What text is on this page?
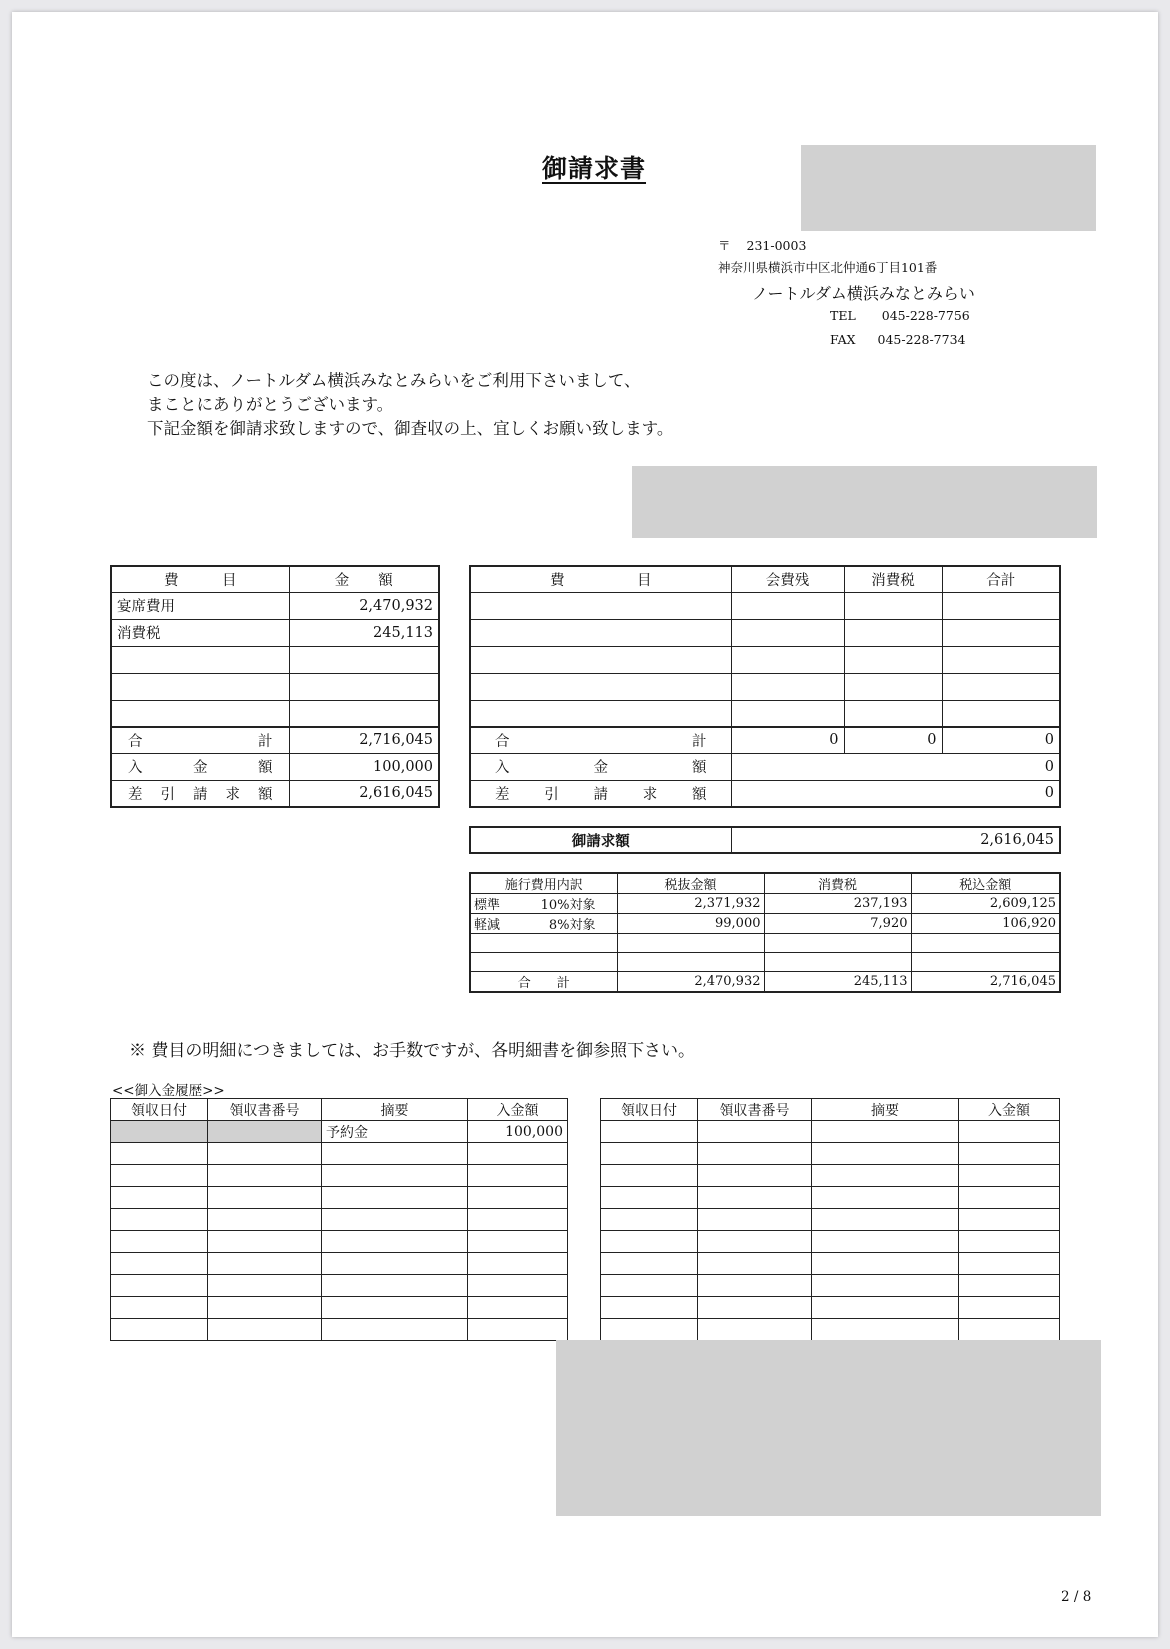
御請求書
〒 231-0003
神奈川県横浜市中区北仲通6丁目101番
ノートルダム横浜みなとみらい
TEL 045-228-7756
FAX 045-228-7734
この度は、ノートルダム横浜みなとみらいをご利用下さいまして、
まことにありがとうございます。
下記金額を御請求致しますので、御査収の上、宜しくお願い致します。
費　　　目	金　　額
宴席費用	2,470,932
消費税	245,113

合　　　　計	2,716,045
入　金　額	100,000
差引請求額	2,616,045
費　　　　　目	会費残	消費税	合計

合　　　　計	0	0	0
入　金　額	0		
差引請求額	0		
御請求額	2,616,045
施行費用内訳	税抜金額	消費税	税込金額
標準 10%対象	2,371,932	237,193	2,609,125
軽減 8%対象	99,000	7,920	106,920

合　　計	2,470,932	245,113	2,716,045
※ 費目の明細につきましては、お手数ですが、各明細書を御参照下さい。
<<御入金履歴>>
領収日付	領収書番号	摘要	入金額
		予約金	100,000

領収日付	領収書番号	摘要	入金額

2 / 8
